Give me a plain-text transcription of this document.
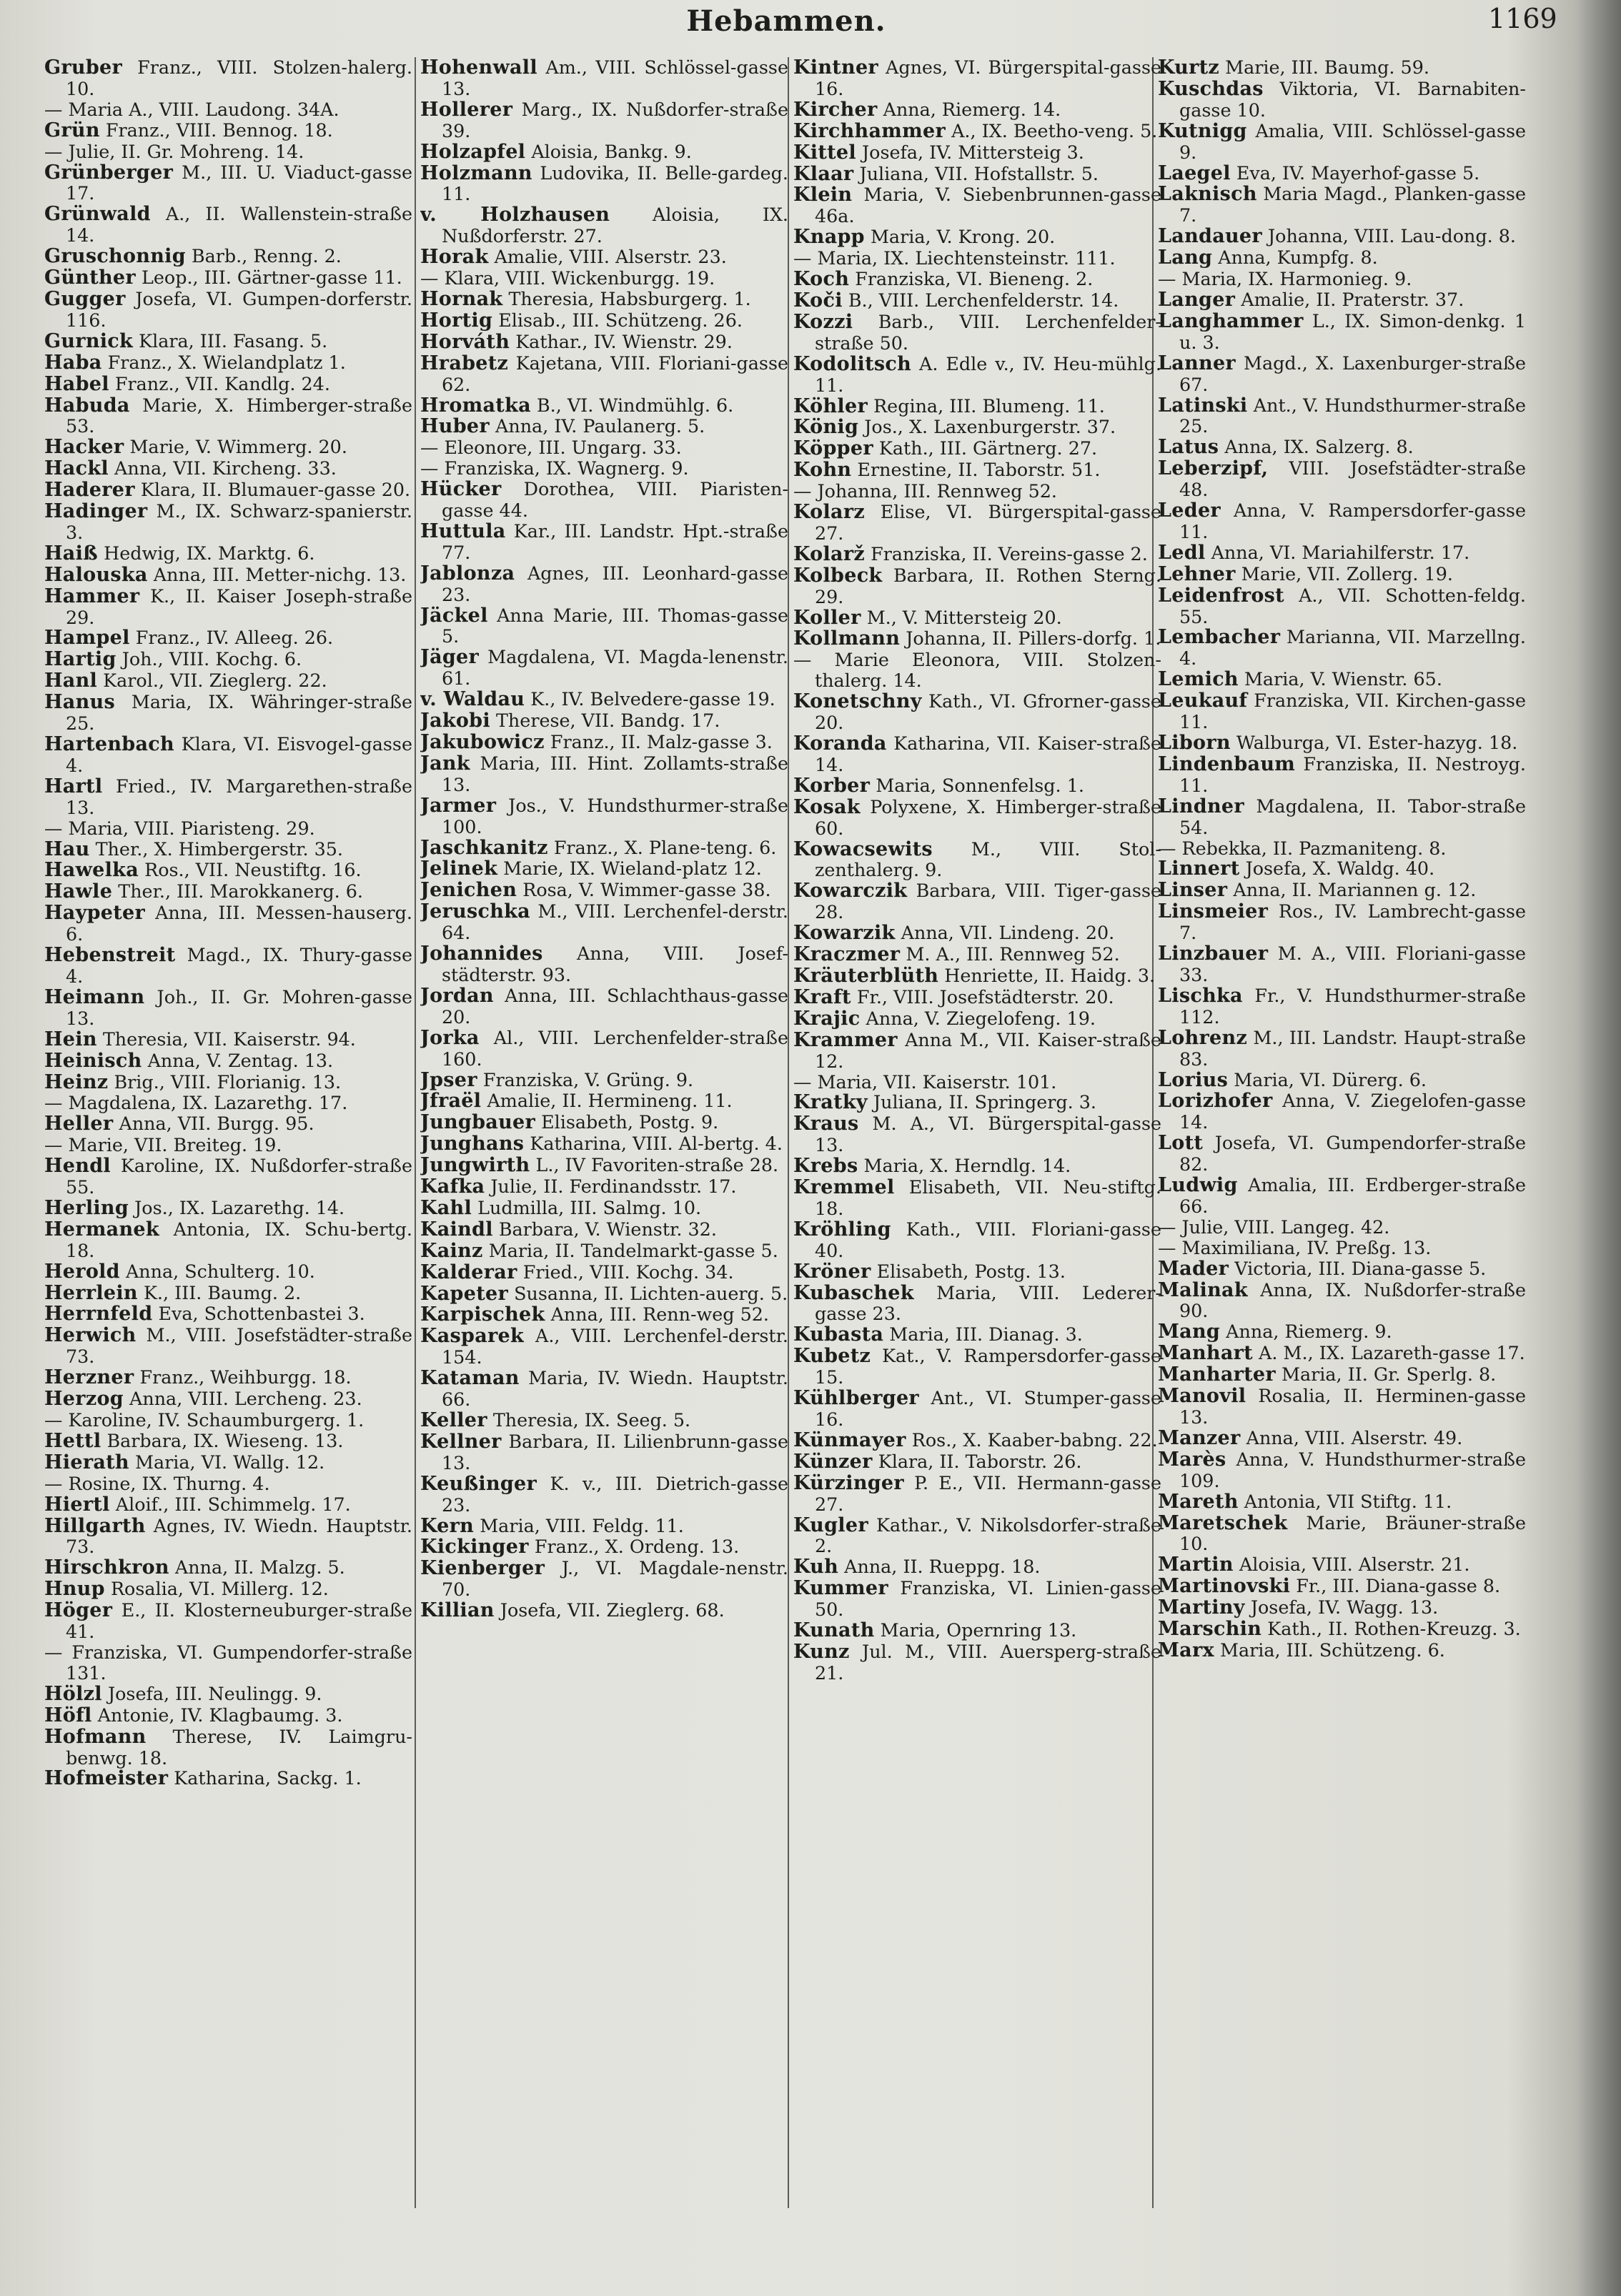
Hebammen.	1169

Gruber Franz., VIII. Stolzen-halerg. 10.

— Maria A., VIII. Laudong. 34A.

Grün Franz., VIII. Bennog. 18.

— Julie, II. Gr. Mohreng. 14.

Grünberger M., III. U. Viaduct-gasse 17.

Grünwald A., II. Wallenstein-straße 14.

Gruschonnig Barb., Renng. 2.

Günther Leop., III. Gärtner-gasse 11.

Gugger Josefa, VI. Gumpen-dorferstr. 116.

Gurnick Klara, III. Fasang. 5.

Haba Franz., X. Wielandplatz 1.

Habel Franz., VII. Kandlg. 24.

Habuda Marie, X. Himberger-straße 53.

Hacker Marie, V. Wimmerg. 20.

Hackl Anna, VII. Kircheng. 33.

Haderer Klara, II. Blumauer-gasse 20.

Hadinger M., IX. Schwarz-spanierstr. 3.

Haiß Hedwig, IX. Marktg. 6.

Halouska Anna, III. Metter-nichg. 13.

Hammer K., II. Kaiser Joseph-straße 29.

Hampel Franz., IV. Alleeg. 26.

Hartig Joh., VIII. Kochg. 6.

Hanl Karol., VII. Zieglerg. 22.

Hanus Maria, IX. Währinger-straße 25.

Hartenbach Klara, VI. Eisvogel-gasse 4.

Hartl Fried., IV. Margarethen-straße 13.

— Maria, VIII. Piaristeng. 29.

Hau Ther., X. Himbergerstr. 35.

Hawelka Ros., VII. Neustiftg. 16.

Hawle Ther., III. Marokkanerg. 6.

Haypeter Anna, III. Messen-hauserg. 6.

Hebenstreit Magd., IX. Thury-gasse 4.

Heimann Joh., II. Gr. Mohren-gasse 13.

Hein Theresia, VII. Kaiserstr. 94.

Heinisch Anna, V. Zentag. 13.

Heinz Brig., VIII. Florianig. 13.

— Magdalena, IX. Lazarethg. 17.

Heller Anna, VII. Burgg. 95.

— Marie, VII. Breiteg. 19.

Hendl Karoline, IX. Nußdorfer-straße 55.

Herling Jos., IX. Lazarethg. 14.

Hermanek Antonia, IX. Schu-bertg. 18.

Herold Anna, Schulterg. 10.

Herrlein K., III. Baumg. 2.

Herrnfeld Eva, Schottenbastei 3.

Herwich M., VIII. Josefstädter-straße 73.

Herzner Franz., Weihburgg. 18.

Herzog Anna, VIII. Lercheng. 23.

— Karoline, IV. Schaumburgerg. 1.

Hettl Barbara, IX. Wieseng. 13.

Hierath Maria, VI. Wallg. 12.

— Rosine, IX. Thurng. 4.

Hiertl Aloif., III. Schimmelg. 17.

Hillgarth Agnes, IV. Wiedn. Hauptstr. 73.

Hirschkron Anna, II. Malzg. 5.

Hnup Rosalia, VI. Millerg. 12.

Höger E., II. Klosterneuburger-straße 41.

— Franziska, VI. Gumpendorfer-straße 131.

Hölzl Josefa, III. Neulingg. 9.

Höfl Antonie, IV. Klagbaumg. 3.

Hofmann Therese, IV. Laimgru-benwg. 18.

Hofmeister Katharina, Sackg. 1.

Hohenwall Am., VIII. Schlössel-gasse 13.

Hollerer Marg., IX. Nußdorfer-straße 39.

Holzapfel Aloisia, Bankg. 9.

Holzmann Ludovika, II. Belle-gardeg. 11.

v. Holzhausen Aloisia, IX. Nußdorferstr. 27.

Horak Amalie, VIII. Alserstr. 23.

— Klara, VIII. Wickenburgg. 19.

Hornak Theresia, Habsburgerg. 1.

Hortig Elisab., III. Schützeng. 26.

Horváth Kathar., IV. Wienstr. 29.

Hrabetz Kajetana, VIII. Floriani-gasse 62.

Hromatka B., VI. Windmühlg. 6.

Huber Anna, IV. Paulanerg. 5.

— Eleonore, III. Ungarg. 33.

— Franziska, IX. Wagnerg. 9.

Hücker Dorothea, VIII. Piaristen-gasse 44.

Huttula Kar., III. Landstr. Hpt.-straße 77.

Jablonza Agnes, III. Leonhard-gasse 23.

Jäckel Anna Marie, III. Thomas-gasse 5.

Jäger Magdalena, VI. Magda-lenenstr. 61.

v. Waldau K., IV. Belvedere-gasse 19.

Jakobi Therese, VII. Bandg. 17.

Jakubowicz Franz., II. Malz-gasse 3.

Jank Maria, III. Hint. Zollamts-straße 13.

Jarmer Jos., V. Hundsthurmer-straße 100.

Jaschkanitz Franz., X. Plane-teng. 6.

Jelinek Marie, IX. Wieland-platz 12.

Jenichen Rosa, V. Wimmer-gasse 38.

Jeruschka M., VIII. Lerchenfel-derstr. 64.

Johannides Anna, VIII. Josef-städterstr. 93.

Jordan Anna, III. Schlachthaus-gasse 20.

Jorka Al., VIII. Lerchenfelder-straße 160.

Jpser Franziska, V. Grüng. 9.

Jfraël Amalie, II. Hermineng. 11.

Jungbauer Elisabeth, Postg. 9.

Junghans Katharina, VIII. Al-bertg. 4.

Jungwirth L., IV Favoriten-straße 28.

Kafka Julie, II. Ferdinandsstr. 17.

Kahl Ludmilla, III. Salmg. 10.

Kaindl Barbara, V. Wienstr. 32.

Kainz Maria, II. Tandelmarkt-gasse 5.

Kalderar Fried., VIII. Kochg. 34.

Kapeter Susanna, II. Lichten-auerg. 5.

Karpischek Anna, III. Renn-weg 52.

Kasparek A., VIII. Lerchenfel-derstr. 154.

Kataman Maria, IV. Wiedn. Hauptstr. 66.

Keller Theresia, IX. Seeg. 5.

Kellner Barbara, II. Lilienbrunn-gasse 13.

Keußinger K. v., III. Dietrich-gasse 23.

Kern Maria, VIII. Feldg. 11.

Kickinger Franz., X. Ordeng. 13.

Kienberger J., VI. Magdale-nenstr. 70.

Killian Josefa, VII. Zieglerg. 68.

Kintner Agnes, VI. Bürgerspital-gasse 16.

Kircher Anna, Riemerg. 14.

Kirchhammer A., IX. Beetho-veng. 5.

Kittel Josefa, IV. Mittersteig 3.

Klaar Juliana, VII. Hofstallstr. 5.

Klein Maria, V. Siebenbrunnen-gasse 46a.

Knapp Maria, V. Krong. 20.

— Maria, IX. Liechtensteinstr. 111.

Koch Franziska, VI. Bieneng. 2.

Koči B., VIII. Lerchenfelderstr. 14.

Kozzi Barb., VIII. Lerchenfelder-straße 50.

Kodolitsch A. Edle v., IV. Heu-mühlg. 11.

Köhler Regina, III. Blumeng. 11.

König Jos., X. Laxenburgerstr. 37.

Köpper Kath., III. Gärtnerg. 27.

Kohn Ernestine, II. Taborstr. 51.

— Johanna, III. Rennweg 52.

Kolarz Elise, VI. Bürgerspital-gasse 27.

Kolarž Franziska, II. Vereins-gasse 2.

Kolbeck Barbara, II. Rothen Sterng. 29.

Koller M., V. Mittersteig 20.

Kollmann Johanna, II. Pillers-dorfg. 1.

— Marie Eleonora, VIII. Stolzen-thalerg. 14.

Konetschny Kath., VI. Gfrorner-gasse 20.

Koranda Katharina, VII. Kaiser-straße 14.

Korber Maria, Sonnenfelsg. 1.

Kosak Polyxene, X. Himberger-straße 60.

Kowacsewits M., VIII. Stol-zenthalerg. 9.

Kowarczik Barbara, VIII. Tiger-gasse 28.

Kowarzik Anna, VII. Lindeng. 20.

Kraczmer M. A., III. Rennweg 52.

Kräuterblüth Henriette, II. Haidg. 3.

Kraft Fr., VIII. Josefstädterstr. 20.

Krajic Anna, V. Ziegelofeng. 19.

Krammer Anna M., VII. Kaiser-straße 12.

— Maria, VII. Kaiserstr. 101.

Kratky Juliana, II. Springerg. 3.

Kraus M. A., VI. Bürgerspital-gasse 13.

Krebs Maria, X. Herndlg. 14.

Kremmel Elisabeth, VII. Neu-stiftg. 18.

Kröhling Kath., VIII. Floriani-gasse 40.

Kröner Elisabeth, Postg. 13.

Kubaschek Maria, VIII. Lederer-gasse 23.

Kubasta Maria, III. Dianag. 3.

Kubetz Kat., V. Rampersdorfer-gasse 15.

Kühlberger Ant., VI. Stumper-gasse 16.

Künmayer Ros., X. Kaaber-babng. 22.

Künzer Klara, II. Taborstr. 26.

Kürzinger P. E., VII. Hermann-gasse 27.

Kugler Kathar., V. Nikolsdorfer-straße 2.

Kuh Anna, II. Rueppg. 18.

Kummer Franziska, VI. Linien-gasse 50.

Kunath Maria, Opernring 13.

Kunz Jul. M., VIII. Auersperg-straße 21.

Kurtz Marie, III. Baumg. 59.

Kuschdas Viktoria, VI. Barnabiten-gasse 10.

Kutnigg Amalia, VIII. Schlössel-gasse 9.

Laegel Eva, IV. Mayerhof-gasse 5.

Laknisch Maria Magd., Planken-gasse 7.

Landauer Johanna, VIII. Lau-dong. 8.

Lang Anna, Kumpfg. 8.

— Maria, IX. Harmonieg. 9.

Langer Amalie, II. Praterstr. 37.

Langhammer L., IX. Simon-denkg. 1 u. 3.

Lanner Magd., X. Laxenburger-straße 67.

Latinski Ant., V. Hundsthurmer-straße 25.

Latus Anna, IX. Salzerg. 8.

Leberzipf, VIII. Josefstädter-straße 48.

Leder Anna, V. Rampersdorfer-gasse 11.

Ledl Anna, VI. Mariahilferstr. 17.

Lehner Marie, VII. Zollerg. 19.

Leidenfrost A., VII. Schotten-feldg. 55.

Lembacher Marianna, VII. Marzellng. 4.

Lemich Maria, V. Wienstr. 65.

Leukauf Franziska, VII. Kirchen-gasse 11.

Liborn Walburga, VI. Ester-hazyg. 18.

Lindenbaum Franziska, II. Nestroyg. 11.

Lindner Magdalena, II. Tabor-straße 54.

— Rebekka, II. Pazmaniteng. 8.

Linnert Josefa, X. Waldg. 40.

Linser Anna, II. Mariannen g. 12.

Linsmeier Ros., IV. Lambrecht-gasse 7.

Linzbauer M. A., VIII. Floriani-gasse 33.

Lischka Fr., V. Hundsthurmer-straße 112.

Lohrenz M., III. Landstr. Haupt-straße 83.

Lorius Maria, VI. Dürerg. 6.

Lorizhofer Anna, V. Ziegelofen-gasse 14.

Lott Josefa, VI. Gumpendorfer-straße 82.

Ludwig Amalia, III. Erdberger-straße 66.

— Julie, VIII. Langeg. 42.

— Maximiliana, IV. Preßg. 13.

Mader Victoria, III. Diana-gasse 5.

Malinak Anna, IX. Nußdorfer-straße 90.

Mang Anna, Riemerg. 9.

Manhart A. M., IX. Lazareth-gasse 17.

Manharter Maria, II. Gr. Sperlg. 8.

Manovil Rosalia, II. Herminen-gasse 13.

Manzer Anna, VIII. Alserstr. 49.

Marès Anna, V. Hundsthurmer-straße 109.

Mareth Antonia, VII Stiftg. 11.

Maretschek Marie, Bräuner-straße 10.

Martin Aloisia, VIII. Alserstr. 21.

Martinovski Fr., III. Diana-gasse 8.

Martiny Josefa, IV. Wagg. 13.

Marschin Kath., II. Rothen-Kreuzg. 3.

Marx Maria, III. Schützeng. 6.
